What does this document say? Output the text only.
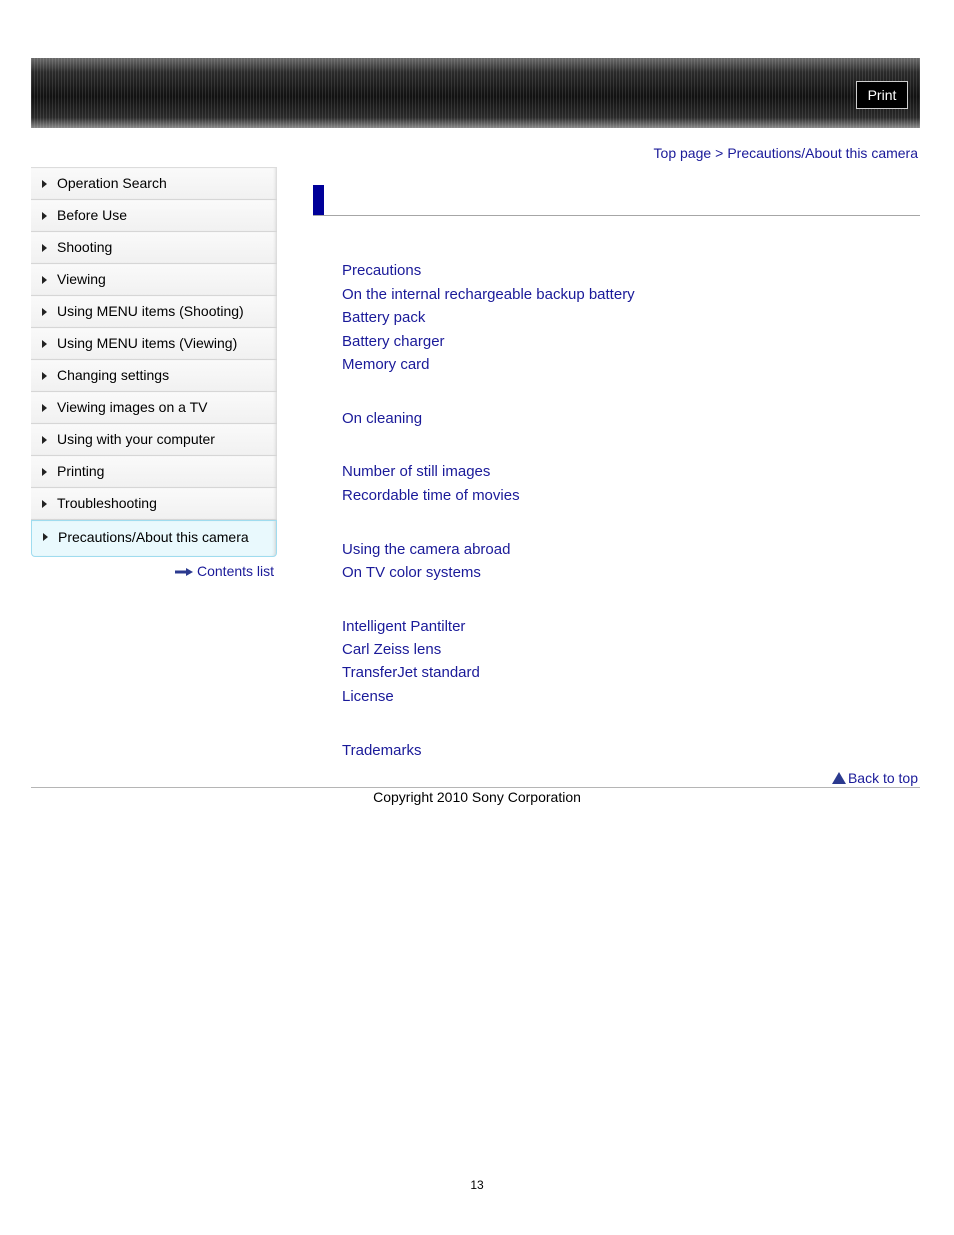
Print
Top page > Precautions/About this camera
Operation Search
Before Use
Shooting
Viewing
Using MENU items (Shooting)
Using MENU items (Viewing)
Changing settings
Viewing images on a TV
Using with your computer
Printing
Troubleshooting
Precautions/About this camera
Contents list
Precautions
On the internal rechargeable backup battery
Battery pack
Battery charger
Memory card
On cleaning
Number of still images
Recordable time of movies
Using the camera abroad
On TV color systems
Intelligent Pantilter
Carl Zeiss lens
TransferJet standard
License
Trademarks
Back to top
Copyright 2010 Sony Corporation
13
